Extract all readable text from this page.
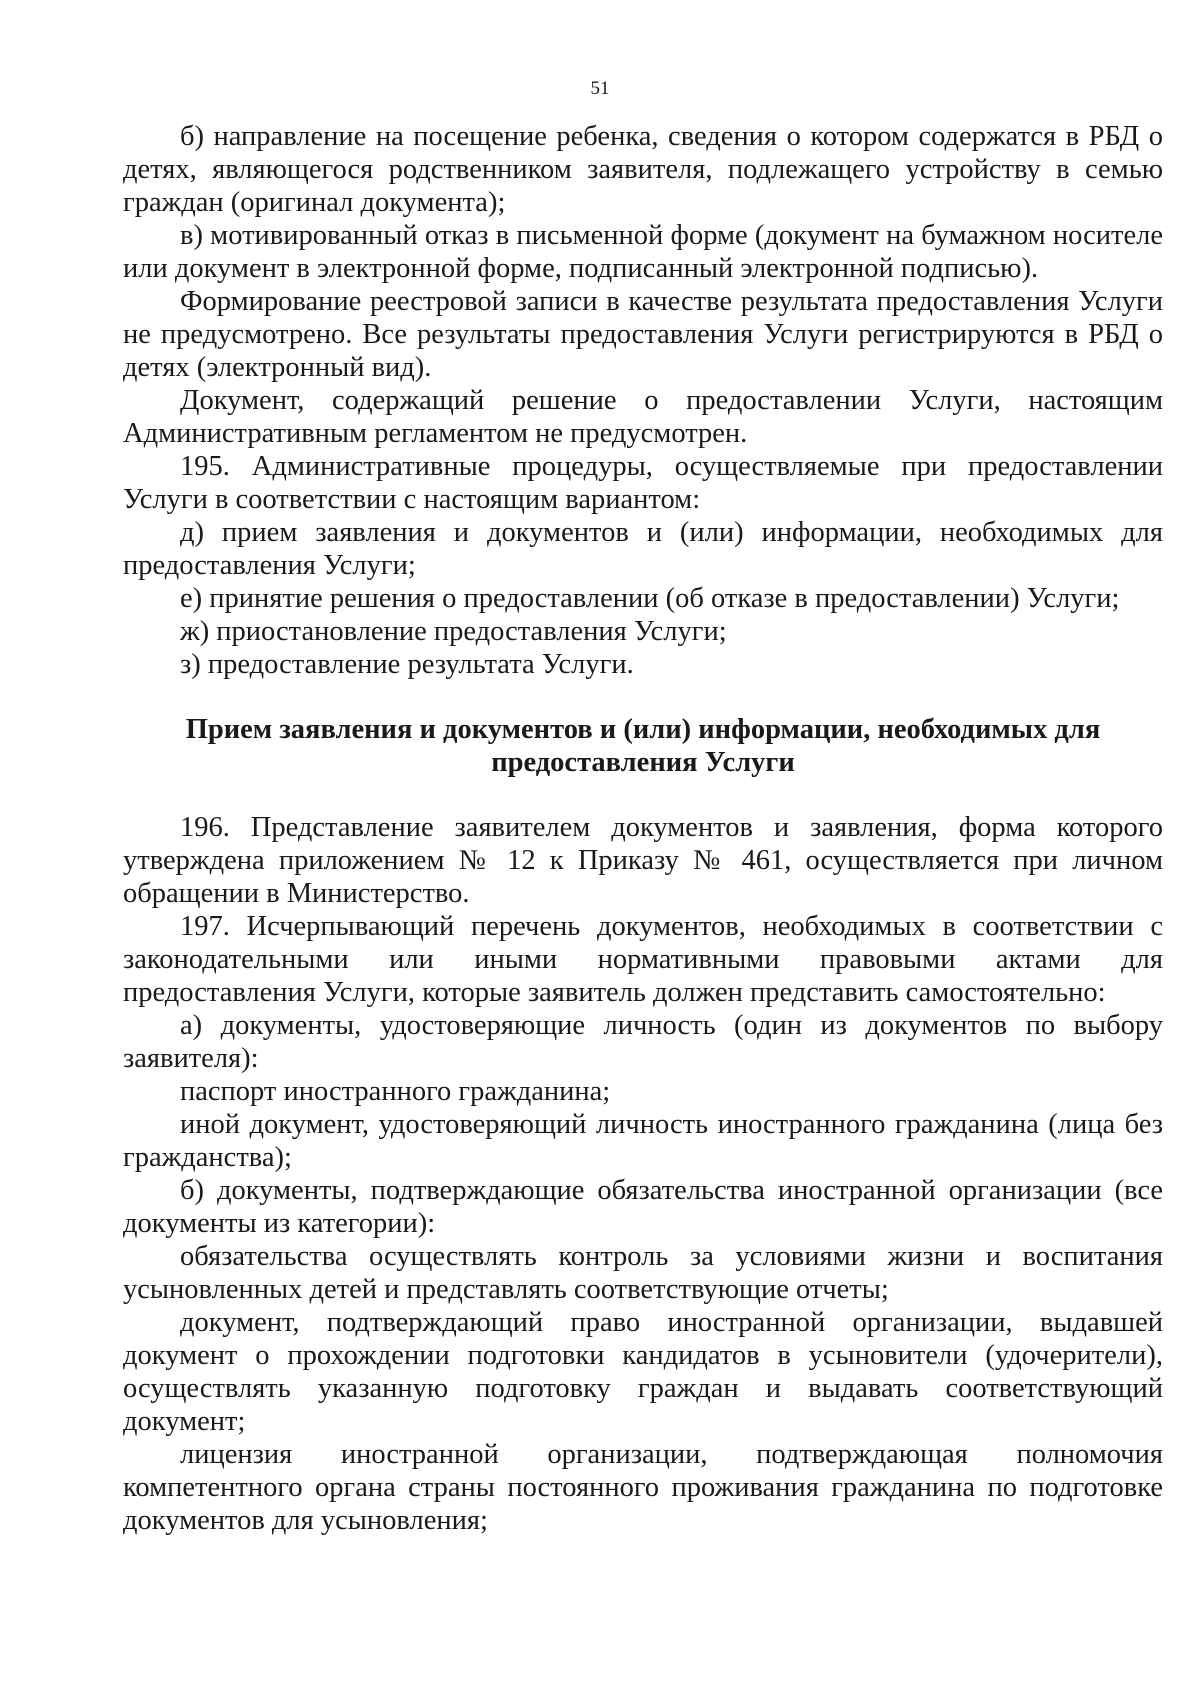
51

б) направление на посещение ребенка, сведения о котором содержатся в РБД о детях, являющегося родственником заявителя, подлежащего устройству в семью граждан (оригинал документа);

в) мотивированный отказ в письменной форме (документ на бумажном носителе или документ в электронной форме, подписанный электронной подписью).

Формирование реестровой записи в качестве результата предоставления Услуги не предусмотрено. Все результаты предоставления Услуги регистрируются в РБД о детях (электронный вид).

Документ, содержащий решение о предоставлении Услуги, настоящим Административным регламентом не предусмотрен.

195. Административные процедуры, осуществляемые при предоставлении Услуги в соответствии с настоящим вариантом:

д) прием заявления и документов и (или) информации, необходимых для предоставления Услуги;

е) принятие решения о предоставлении (об отказе в предоставлении) Услуги;

ж) приостановление предоставления Услуги;

з) предоставление результата Услуги.

Прием заявления и документов и (или) информации, необходимых для
предоставления Услуги

196. Представление заявителем документов и заявления, форма которого утверждена приложением № 12 к Приказу № 461, осуществляется при личном обращении в Министерство.

197. Исчерпывающий перечень документов, необходимых в соответствии с законодательными или иными нормативными правовыми актами для предоставления Услуги, которые заявитель должен представить самостоятельно:

а) документы, удостоверяющие личность (один из документов по выбору заявителя):

паспорт иностранного гражданина;

иной документ, удостоверяющий личность иностранного гражданина (лица без гражданства);

б) документы, подтверждающие обязательства иностранной организации (все документы из категории):

обязательства осуществлять контроль за условиями жизни и воспитания усыновленных детей и представлять соответствующие отчеты;

документ, подтверждающий право иностранной организации, выдавшей документ о прохождении подготовки кандидатов в усыновители (удочерители), осуществлять указанную подготовку граждан и выдавать соответствующий документ;

лицензия иностранной организации, подтверждающая полномочия компетентного органа страны постоянного проживания гражданина по подготовке документов для усыновления;
